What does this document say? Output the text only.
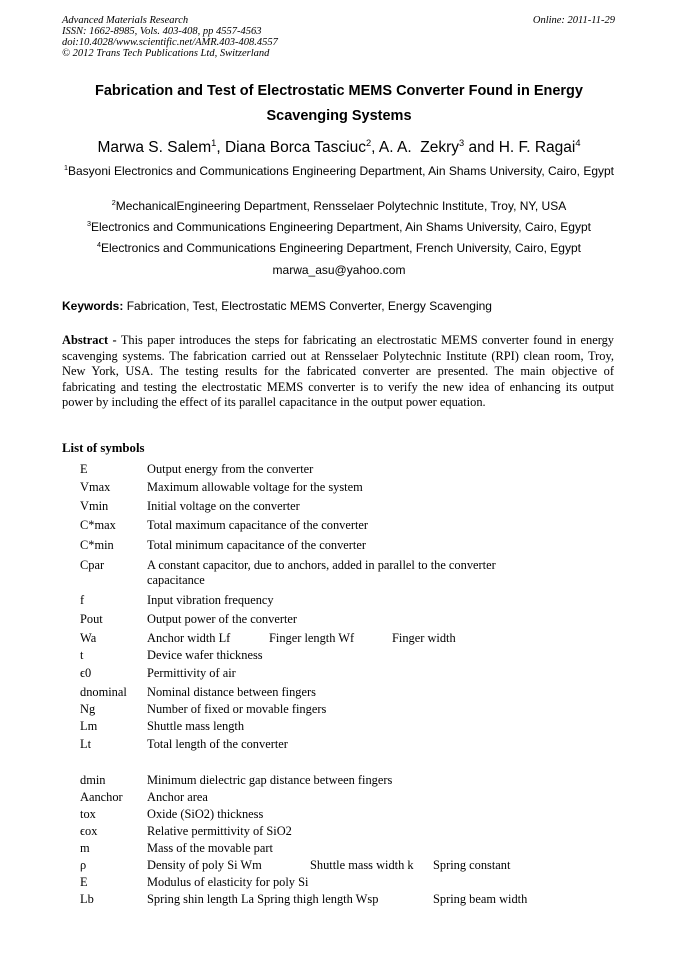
Advanced Materials Research
ISSN: 1662-8985, Vols. 403-408, pp 4557-4563
doi:10.4028/www.scientific.net/AMR.403-408.4557
© 2012 Trans Tech Publications Ltd, Switzerland
Online: 2011-11-29
Fabrication and Test of Electrostatic MEMS Converter Found in Energy
Scavenging Systems
Marwa S. Salem$^1$, Diana Borca Tasciuc$^2$, A. A.  Zekry$^3$ and H. F. Ragai$^4$
$^1$Basyoni Electronics and Communications Engineering Department, Ain Shams University, Cairo, Egypt
$^2$MechanicalEngineering Department, Rensselaer Polytechnic Institute, Troy, NY, USA
$^3$Electronics and Communications Engineering Department, Ain Shams University, Cairo, Egypt
$^4$Electronics and Communications Engineering Department, French University, Cairo, Egypt
marwa_asu@yahoo.com
Keywords: Fabrication, Test, Electrostatic MEMS Converter, Energy Scavenging
Abstract - This paper introduces the steps for fabricating an electrostatic MEMS converter found in energy scavenging systems. The fabrication carried out at Rensselaer Polytechnic Institute (RPI) clean room, Troy, New York, USA. The testing results for the fabricated converter are presented. The main objective of fabricating and testing the electrostatic MEMS converter is to verify the new idea of enhancing its output power by including the effect of its parallel capacitance in the output power equation.
List of symbols
E	Output energy from the converter
Vmax	Maximum allowable voltage for the system
Vmin	Initial voltage on the converter
C*max	Total maximum capacitance of the converter
C*min	Total minimum capacitance of the converter
Cpar	A constant capacitor, due to anchors, added in parallel to the converter capacitance
f	Input vibration frequency
Pout	Output power of the converter
Wa	Anchor width Lf	Finger length Wf	Finger width
t	Device wafer thickness
ϵ0	Permittivity of air
dnominal Nominal distance between fingers
Ng	Number of fixed or movable fingers
Lm	Shuttle mass length
Lt	Total length of the converter
dmin	Minimum dielectric gap distance between fingers
Aanchor Anchor area
tox	Oxide (SiO2) thickness
ϵox	Relative permittivity of SiO2
m	Mass of the movable part
ρ	Density of poly Si Wm	Shuttle mass width k Spring constant
E	Modulus of elasticity for poly Si
Lb	Spring shin length La Spring thigh length Wsp	Spring beam width
